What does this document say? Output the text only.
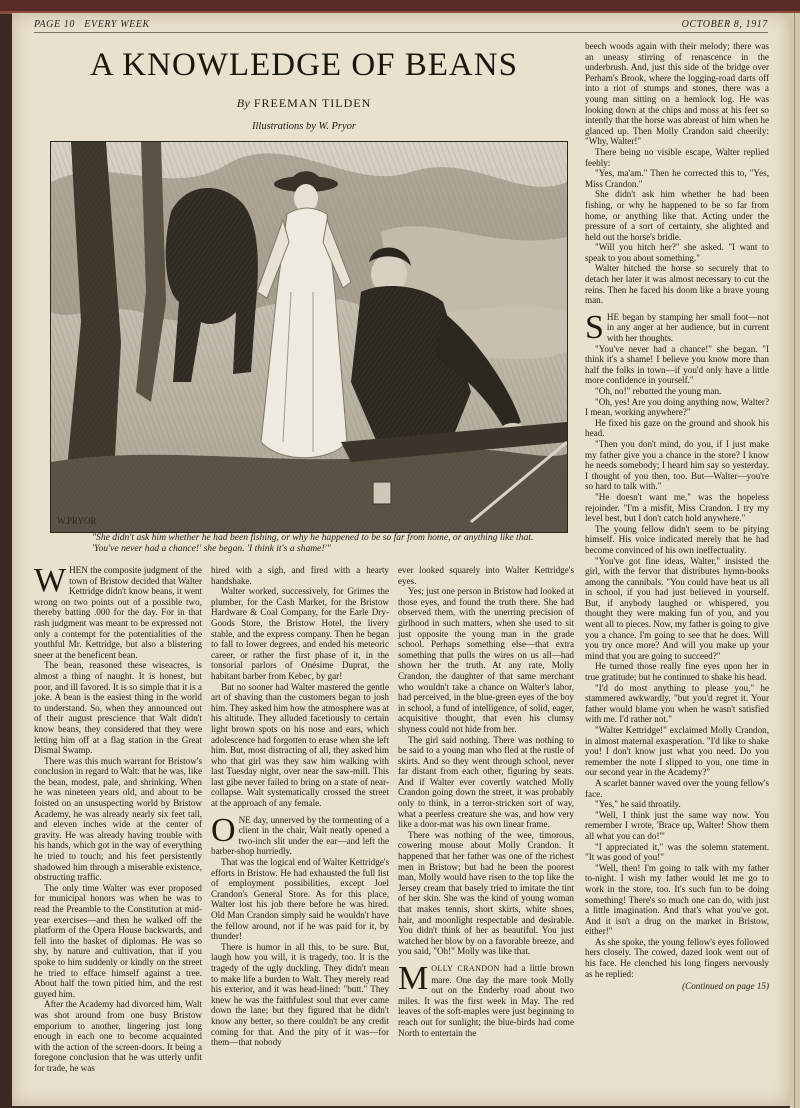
PAGE 10 EVERY WEEK	OCTOBER 8, 1917
A KNOWLEDGE OF BEANS
By FREEMAN TILDEN
Illustrations by W. Pryor
W.PRYOR

"She didn't ask him whether he had been fishing, or why he happened to be so far from home, or anything like that. 'You've never had a chance!' she began. 'I think it's a shame!'"

WHEN the composite judgment of the town of Bristow decided that Walter Kettridge didn't know beans, it went wrong on two points out of a possible two, thereby batting .000 for the day. For in that rash judgment was meant to be expressed not only a contempt for the potentialities of the youthful Mr. Kettridge, but also a blistering sneer at the beneficent bean.

The bean, reasoned these wiseacres, is almost a thing of naught. It is honest, but poor, and ill favored. It is so simple that it is a joke. A bean is the easiest thing in the world to understand. So, when they announced out of their august prescience that Walt didn't know beans, they considered that they were letting him off at a flag station in the Great Dismal Swamp.

There was this much warrant for Bristow's conclusion in regard to Walt: that he was, like the bean, modest, pale, and shrinking. When he was nineteen years old, and about to be foisted on an unsuspecting world by Bristow Academy, he was already nearly six feet tall, and eleven inches wide at the center of gravity. He was already having trouble with his hands, which got in the way of everything he tried to touch; and his feet persistently shadowed him through a miserable existence, obstructing traffic.

The only time Walter was ever proposed for municipal honors was when he was to read the Preamble to the Constitution at mid-year exercises—and then he walked off the platform of the Opera House backwards, and fell into the basket of diplomas. He was so shy, by nature and cultivation, that if you spoke to him suddenly or kindly on the street he tried to efface himself against a tree. About half the town pitied him, and the rest guyed him.

After the Academy had divorced him, Walt was shot around from one busy Bristow emporium to another, lingering just long enough in each one to become acquainted with the action of the screen-doors. It being a foregone conclusion that he was utterly unfit for trade, he was

hired with a sigh, and fired with a hearty handshake.

Walter worked, successively, for Grimes the plumber, for the Cash Market, for the Bristow Hardware & Coal Company, for the Earle Dry-Goods Store, the Bristow Hotel, the livery stable, and the express company. Then he began to fall to lower degrees, and ended his meteoric career, or rather the first phase of it, in the tonsorial parlors of Onésime Duprat, the habitant barber from Kebec, by gar!

But no sooner had Walter mastered the gentle art of shaving than the customers began to josh him. They asked him how the atmosphere was at his altitude. They alluded facetiously to certain light brown spots on his nose and ears, which adolescence had forgotten to erase when she left him. But, most distracting of all, they asked him who that girl was they saw him walking with last Tuesday night, over near the saw-mill. This last gibe never failed to bring on a state of near-collapse. Walt systematically crossed the street at the approach of any female.

ONE day, unnerved by the tormenting of a client in the chair, Walt neatly opened a two-inch slit under the ear—and left the barber-shop hurriedly.

That was the logical end of Walter Kettridge's efforts in Bristow. He had exhausted the full list of employment possibilities, except Joel Crandon's General Store. As for this place, Walter lost his job there before he was hired. Old Man Crandon simply said he wouldn't have the fellow around, not if he was paid for it, by thunder!

There is humor in all this, to be sure. But, laugh how you will, it is tragedy, too. It is the tragedy of the ugly duckling. They didn't mean to make life a burden to Walt. They merely read his exterior, and it was head-lined: "butt." They knew he was the faithfulest soul that ever came down the lane; but they figured that he didn't know any better, so there couldn't be any credit coming for that. And the pity of it was—for them—that nobody

ever looked squarely into Walter Kettridge's eyes.

Yes; just one person in Bristow had looked at those eyes, and found the truth there. She had observed them, with the unerring precision of girlhood in such matters, when she used to sit just opposite the young man in the grade school. Perhaps something else—that extra something that pulls the wires on us all—had shown her the truth. At any rate, Molly Crandon, the daughter of that same merchant who wouldn't take a chance on Walter's labor, had perceived, in the blue-green eyes of the boy in school, a fund of intelligence, of solid, eager, acquisitive thought, that even his clumsy shyness could not hide from her.

The girl said nothing. There was nothing to be said to a young man who fled at the rustle of skirts. And so they went through school, never far distant from each other, figuring by seats. And if Walter ever covertly watched Molly Crandon going down the street, it was probably only to think, in a terror-stricken sort of way, what a peerless creature she was, and how very like a door-mat was his own linear frame.

There was nothing of the wee, timorous, cowering mouse about Molly Crandon. It happened that her father was one of the richest men in Bristow; but had he been the poorest man, Molly would have risen to the top like the Jersey cream that basely tried to imitate the tint of her skin. She was the kind of young woman that makes tennis, short skirts, white shoes, hair, and moonlight respectable and desirable. You didn't think of her as beautiful. You just watched her blow by on a favorable breeze, and you said, "Oh!" Molly was like that.

MOLLY CRANDON had a little brown mare. One day the mare took Molly out on the Enderby road about two miles. It was the first week in May. The red leaves of the soft-maples were just beginning to reach out for sunlight; the blue-birds had come North to entertain the

beech woods again with their melody; there was an uneasy stirring of renascence in the underbrush. And, just this side of the bridge over Perham's Brook, where the logging-road darts off into a riot of stumps and stones, there was a young man sitting on a hemlock log. He was looking down at the chips and moss at his feet so intently that the horse was abreast of him when he glanced up. Then Molly Crandon said cheerily: "Why, Walter!"

There being no visible escape, Walter replied feebly:

"Yes, ma'am." Then he corrected this to, "Yes, Miss Crandon."

She didn't ask him whether he had been fishing, or why he happened to be so far from home, or anything like that. Acting under the pressure of a sort of certainty, she alighted and held out the horse's bridle.

"Will you hitch her?" she asked. "I want to speak to you about something."

Walter hitched the horse so securely that to detach her later it was almost necessary to cut the reins. Then he faced his doom like a brave young man.

SHE began by stamping her small foot—not in any anger at her audience, but in current with her thoughts.

"You've never had a chance!" she began. "I think it's a shame! I believe you know more than half the folks in town—if you'd only have a little more confidence in yourself."

"Oh, no!" rebutted the young man.

"Oh, yes! Are you doing anything now, Walter? I mean, working anywhere?"

He fixed his gaze on the ground and shook his head.

"Then you don't mind, do you, if I just make my father give you a chance in the store? I know he needs somebody; I heard him say so yesterday. I thought of you then, too. But—Walter—you're so hard to talk with."

"He doesn't want me," was the hopeless rejoinder. "I'm a misfit, Miss Crandon. I try my level best, but I don't catch hold anywhere."

The young fellow didn't seem to be pitying himself. His voice indicated merely that he had become convinced of his own ineffectuality.

"You've got fine ideas, Walter," insisted the girl, with the fervor that distributes hymn-books among the cannibals. "You could have beat us all in school, if you had just believed in yourself. But, if anybody laughed or whispered, you thought they were making fun of you, and you went all to pieces. Now, my father is going to give you a chance. I'm going to see that he does. Will you try once more? And will you make up your mind that you are going to succeed?"

He turned those really fine eyes upon her in true gratitude; but he continued to shake his head.

"I'd do most anything to please you," he stammered awkwardly, "but you'd regret it. Your father would blame you when he wasn't satisfied with me. I'd rather not."

"Walter Kettridge!" exclaimed Molly Crandon, in almost maternal exasperation. "I'd like to shake you! I don't know just what you need. Do you remember the note I slipped to you, one time in our second year in the Academy?"

A scarlet banner waved over the young fellow's face.

"Yes," he said throatily.

"Well, I think just the same way now. You remember I wrote, 'Brace up, Walter! Show them all what you can do!'"

"I appreciated it," was the solemn statement. "It was good of you!"

"Well, then! I'm going to talk with my father to-night. I wish my father would let me go to work in the store, too. It's such fun to be doing something! There's so much one can do, with just a little imagination. And that's what you've got. And it isn't a drug on the market in Bristow, either!"

As she spoke, the young fellow's eyes followed hers closely. The cowed, dazed look went out of his face. He clenched his long fingers nervously as he replied:

(Continued on page 15)
